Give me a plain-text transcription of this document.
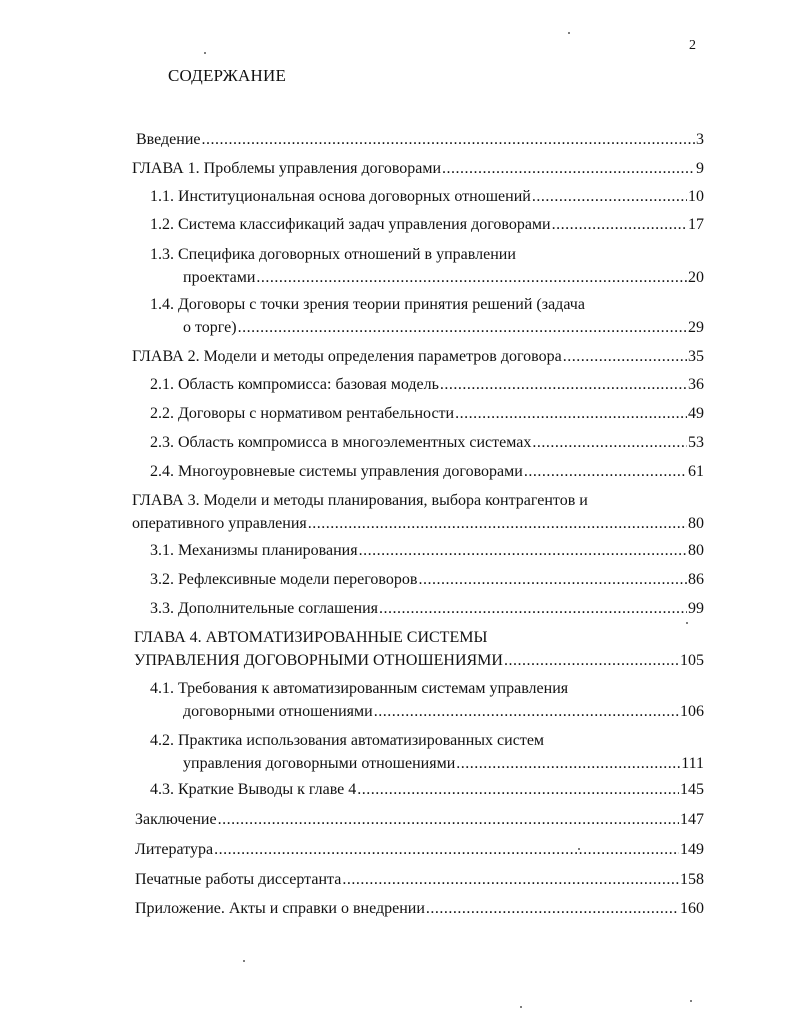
2
СОДЕРЖАНИЕ
Введение .....	3
ГЛАВА 1. Проблемы управления договорами .....	9
1.1. Институциональная основа договорных отношений .....	10
1.2. Система классификаций задач управления договорами .....	17
1.3. Специфика договорных отношений в управлении
проектами .....	20
1.4. Договоры с точки зрения теории принятия решений (задача
о торге) .....	29
ГЛАВА 2. Модели и методы определения параметров договора .....	35
2.1. Область компромисса: базовая модель .....	36
2.2. Договоры с нормативом рентабельности .....	49
2.3. Область компромисса в многоэлементных системах .....	53
2.4. Многоуровневые системы управления договорами .....	61
ГЛАВА 3. Модели и методы планирования, выбора контрагентов и
оперативного управления .....	80
3.1. Механизмы планирования .....	80
3.2. Рефлексивные модели переговоров .....	86
3.3. Дополнительные соглашения .....	99
ГЛАВА 4. АВТОМАТИЗИРОВАННЫЕ СИСТЕМЫ
УПРАВЛЕНИЯ ДОГОВОРНЫМИ ОТНОШЕНИЯМИ .....	105
4.1. Требования к автоматизированным системам управления
договорными отношениями .....	106
4.2. Практика использования автоматизированных систем
управления договорными отношениями .....	111
4.3. Краткие Выводы к главе 4 .....	145
Заключение .....	147
Литература .....	149
Печатные работы диссертанта .....	158
Приложение. Акты и справки о внедрении .....	160
